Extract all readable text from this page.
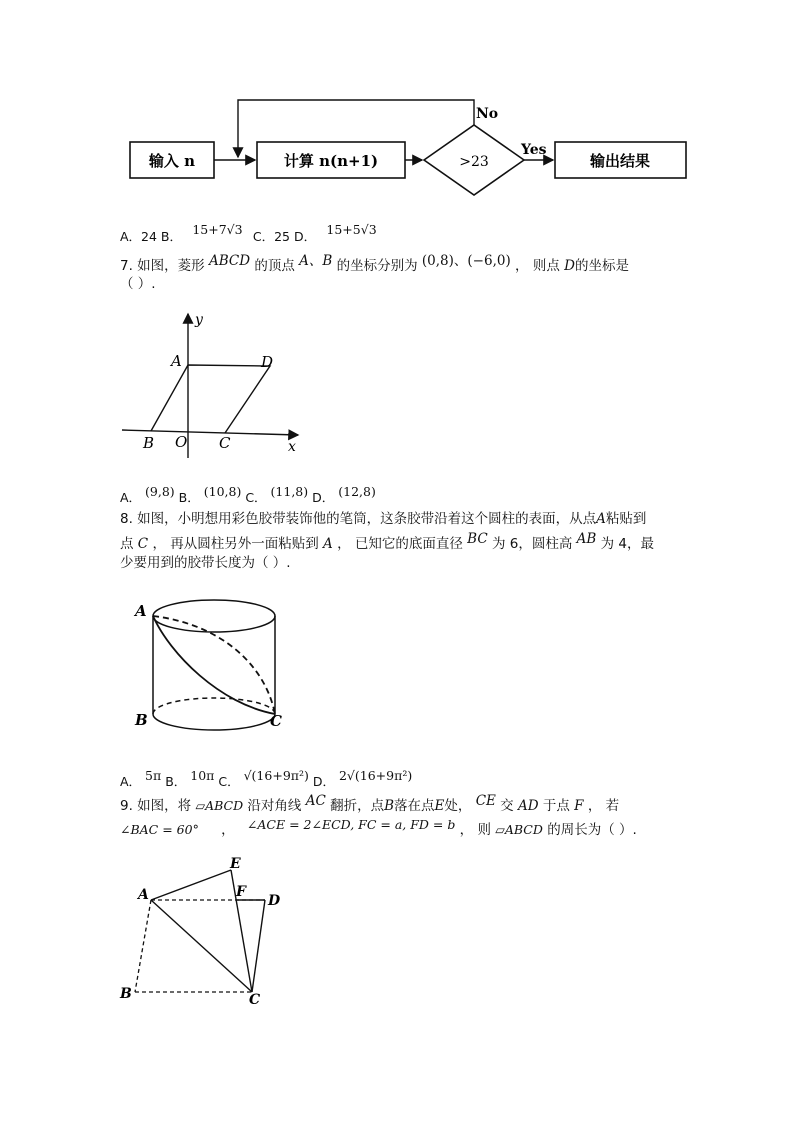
输入 n	计算 n(n+1)	>23
No
Yes
输出结果
A．24 B． 15+7√3 C．25 D． 15+5√3
7. 如图，菱形 ABCD 的顶点 A、B 的坐标分别为 (0,8)、(−6,0) ， 则点 D的坐标是
（ ）.
y
x
A	D
B O C
A． (9,8) B． (10,8) C． (11,8) D． (12,8)
8. 如图，小明想用彩色胶带装饰他的笔筒，这条胶带沿着这个圆柱的表面，从点A粘贴到
点 C ， 再从圆柱另外一面粘贴到 A ， 已知它的底面直径 BC 为 6，圆柱高 AB 为 4，最
少要用到的胶带长度为（ ）.
A
B	C
A． 5π B． 10π C． √(16+9π²) D． 2√(16+9π²)
9. 如图，将 ▱ABCD 沿对角线 AC 翻折，点B落在点E处， CE 交 AD 于点 F ， 若
∠BAC = 60° ， ∠ACE = 2∠ECD, FC = a, FD = b ， 则 ▱ABCD 的周长为（ ）.
E
A	F
D
B	C
